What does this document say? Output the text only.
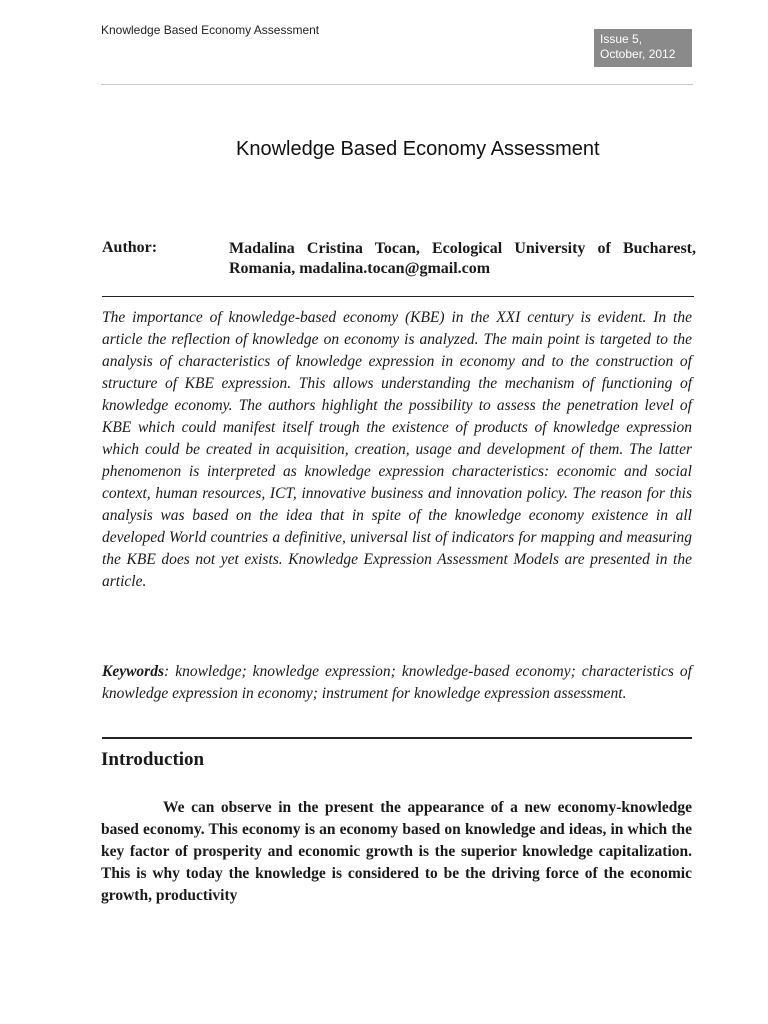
Knowledge Based Economy Assessment
Issue 5,
October, 2012
Knowledge Based Economy Assessment
Author:	Madalina Cristina Tocan, Ecological University of Bucharest, Romania, madalina.tocan@gmail.com

The importance of knowledge-based economy (KBE) in the XXI century is evident. In the article the reflection of knowledge on economy is analyzed. The main point is targeted to the analysis of characteristics of knowledge expression in economy and to the construction of structure of KBE expression. This allows understanding the mechanism of functioning of knowledge economy. The authors highlight the possibility to assess the penetration level of KBE which could manifest itself trough the existence of products of knowledge expression which could be created in acquisition, creation, usage and development of them. The latter phenomenon is interpreted as knowledge expression characteristics: economic and social context, human resources, ICT, innovative business and innovation policy. The reason for this analysis was based on the idea that in spite of the knowledge economy existence in all developed World countries a definitive, universal list of indicators for mapping and measuring the KBE does not yet exists. Knowledge Expression Assessment Models are presented in the article.

Keywords: knowledge; knowledge expression; knowledge-based economy; characteristics of knowledge expression in economy; instrument for knowledge expression assessment.

Introduction

We can observe in the present the appearance of a new economy-knowledge based economy. This economy is an economy based on knowledge and ideas, in which the key factor of prosperity and economic growth is the superior knowledge capitalization. This is why today the knowledge is considered to be the driving force of the economic growth, productivity
